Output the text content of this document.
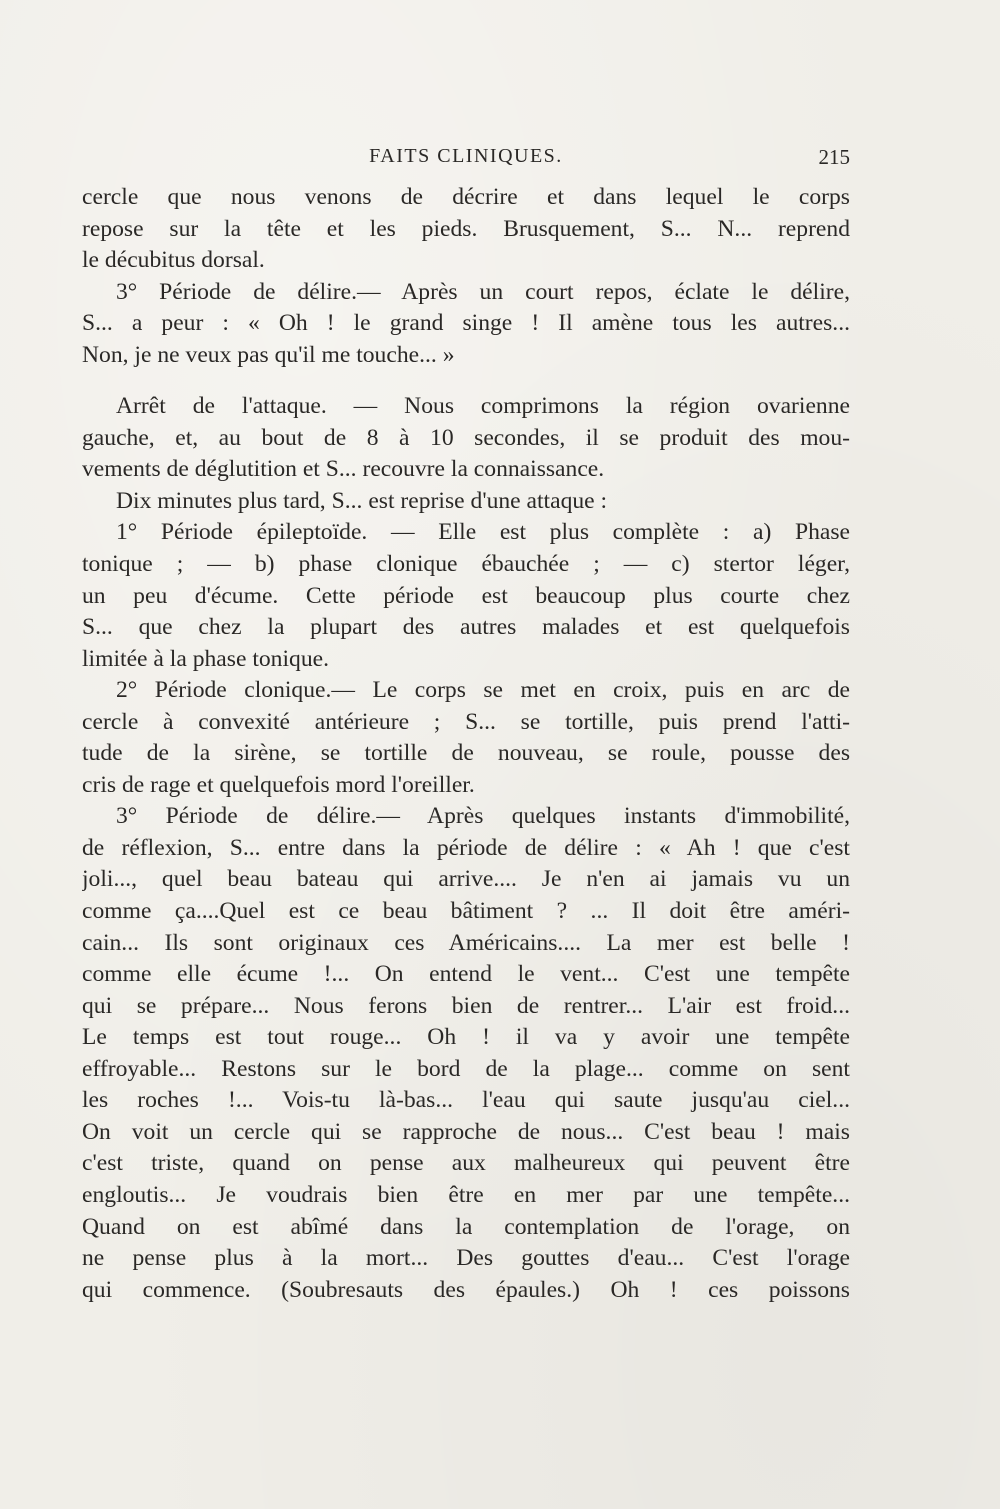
FAITS CLINIQUES.	215
cercle que nous venons de décrire et dans lequel le corps
repose sur la tête et les pieds. Brusquement, S... N... reprend
le décubitus dorsal.
3° Période de délire.— Après un court repos, éclate le délire,
S... a peur : « Oh ! le grand singe ! Il amène tous les autres...
Non, je ne veux pas qu'il me touche... »
Arrêt de l'attaque. — Nous comprimons la région ovarienne
gauche, et, au bout de 8 à 10 secondes, il se produit des mou-
vements de déglutition et S... recouvre la connaissance.
Dix minutes plus tard, S... est reprise d'une attaque :
1° Période épileptoïde. — Elle est plus complète : a) Phase
tonique ; — b) phase clonique ébauchée ; — c) stertor léger,
un peu d'écume. Cette période est beaucoup plus courte chez
S... que chez la plupart des autres malades et est quelquefois
limitée à la phase tonique.
2° Période clonique.— Le corps se met en croix, puis en arc de
cercle à convexité antérieure ; S... se tortille, puis prend l'atti-
tude de la sirène, se tortille de nouveau, se roule, pousse des
cris de rage et quelquefois mord l'oreiller.
3° Période de délire.— Après quelques instants d'immobilité,
de réflexion, S... entre dans la période de délire : « Ah ! que c'est
joli..., quel beau bateau qui arrive.... Je n'en ai jamais vu un
comme ça....Quel est ce beau bâtiment ? ... Il doit être améri-
cain... Ils sont originaux ces Américains.... La mer est belle !
comme elle écume !... On entend le vent... C'est une tempête
qui se prépare... Nous ferons bien de rentrer... L'air est froid...
Le temps est tout rouge... Oh ! il va y avoir une tempête
effroyable... Restons sur le bord de la plage... comme on sent
les roches !... Vois-tu là-bas... l'eau qui saute jusqu'au ciel...
On voit un cercle qui se rapproche de nous... C'est beau ! mais
c'est triste, quand on pense aux malheureux qui peuvent être
engloutis... Je voudrais bien être en mer par une tempête...
Quand on est abîmé dans la contemplation de l'orage, on
ne pense plus à la mort... Des gouttes d'eau... C'est l'orage
qui commence. (Soubresauts des épaules.) Oh ! ces poissons
